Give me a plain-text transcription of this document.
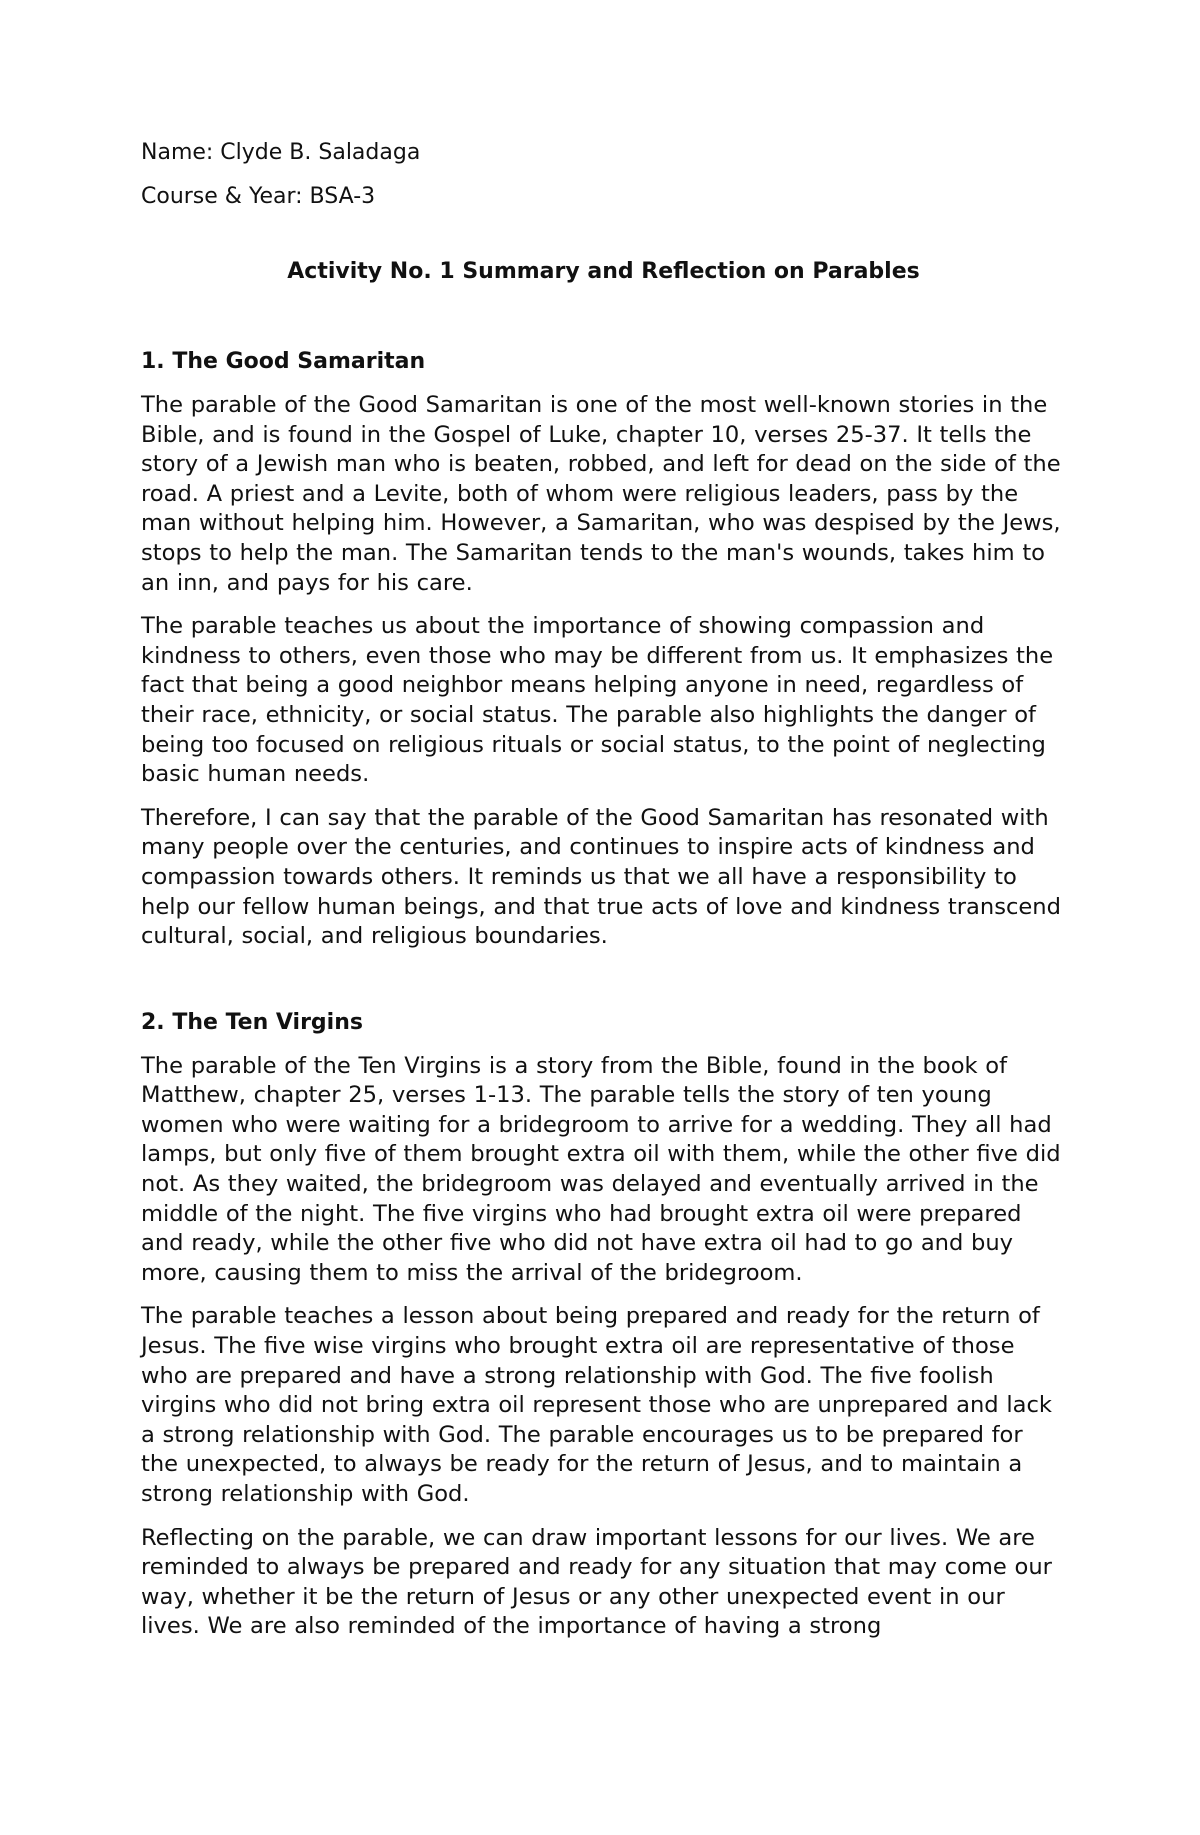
Name: Clyde B. Saladaga

Course & Year: BSA-3

Activity No. 1 Summary and Reflection on Parables
1. The Good Samaritan

The parable of the Good Samaritan is one of the most well-known stories in the Bible, and is found in the Gospel of Luke, chapter 10, verses 25-37. It tells the story of a Jewish man who is beaten, robbed, and left for dead on the side of the road. A priest and a Levite, both of whom were religious leaders, pass by the man without helping him. However, a Samaritan, who was despised by the Jews, stops to help the man. The Samaritan tends to the man's wounds, takes him to an inn, and pays for his care.

The parable teaches us about the importance of showing compassion and kindness to others, even those who may be different from us. It emphasizes the fact that being a good neighbor means helping anyone in need, regardless of their race, ethnicity, or social status. The parable also highlights the danger of being too focused on religious rituals or social status, to the point of neglecting basic human needs.

Therefore, I can say that the parable of the Good Samaritan has resonated with many people over the centuries, and continues to inspire acts of kindness and compassion towards others. It reminds us that we all have a responsibility to help our fellow human beings, and that true acts of love and kindness transcend cultural, social, and religious boundaries.

2. The Ten Virgins

The parable of the Ten Virgins is a story from the Bible, found in the book of Matthew, chapter 25, verses 1-13. The parable tells the story of ten young women who were waiting for a bridegroom to arrive for a wedding. They all had lamps, but only five of them brought extra oil with them, while the other five did not. As they waited, the bridegroom was delayed and eventually arrived in the middle of the night. The five virgins who had brought extra oil were prepared and ready, while the other five who did not have extra oil had to go and buy more, causing them to miss the arrival of the bridegroom.

The parable teaches a lesson about being prepared and ready for the return of Jesus. The five wise virgins who brought extra oil are representative of those who are prepared and have a strong relationship with God. The five foolish virgins who did not bring extra oil represent those who are unprepared and lack a strong relationship with God. The parable encourages us to be prepared for the unexpected, to always be ready for the return of Jesus, and to maintain a strong relationship with God.

Reflecting on the parable, we can draw important lessons for our lives. We are reminded to always be prepared and ready for any situation that may come our way, whether it be the return of Jesus or any other unexpected event in our lives. We are also reminded of the importance of having a strong
